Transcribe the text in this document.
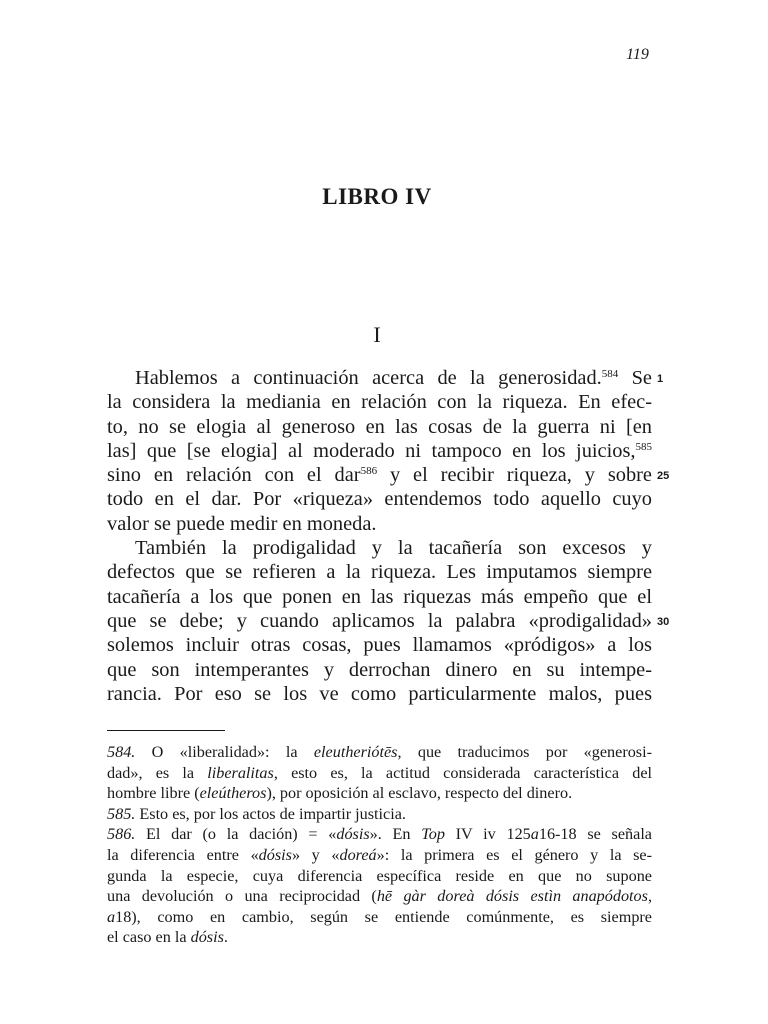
119
LIBRO IV
I
1
25
30
Hablemos a continuación acerca de la generosidad.$^{584}$ Se
la considera la mediania en relación con la riqueza. En efec-
to, no se elogia al generoso en las cosas de la guerra ni [en
las] que [se elogia] al moderado ni tampoco en los juicios,$^{585}$
sino en relación con el dar$^{586}$ y el recibir riqueza, y sobre
todo en el dar. Por «riqueza» entendemos todo aquello cuyo
valor se puede medir en moneda.
También la prodigalidad y la tacañería son excesos y
defectos que se refieren a la riqueza. Les imputamos siempre
tacañería a los que ponen en las riquezas más empeño que el
que se debe; y cuando aplicamos la palabra «prodigalidad»
solemos incluir otras cosas, pues llamamos «pródigos» a los
que son intemperantes y derrochan dinero en su intempe-
rancia. Por eso se los ve como particularmente malos, pues
584. O «liberalidad»: la eleutheriótēs, que traducimos por «generosi-
dad», es la liberalitas, esto es, la actitud considerada característica del
hombre libre (eleútheros), por oposición al esclavo, respecto del dinero.
585. Esto es, por los actos de impartir justicia.
586. El dar (o la dación) = «dósis». En Top IV iv 125a16-18 se señala
la diferencia entre «dósis» y «doreá»: la primera es el género y la se-
gunda la especie, cuya diferencia específica reside en que no supone
una devolución o una reciprocidad (hē gàr doreà dósis estìn anapódotos,
a18), como en cambio, según se entiende comúnmente, es siempre
el caso en la dósis.
